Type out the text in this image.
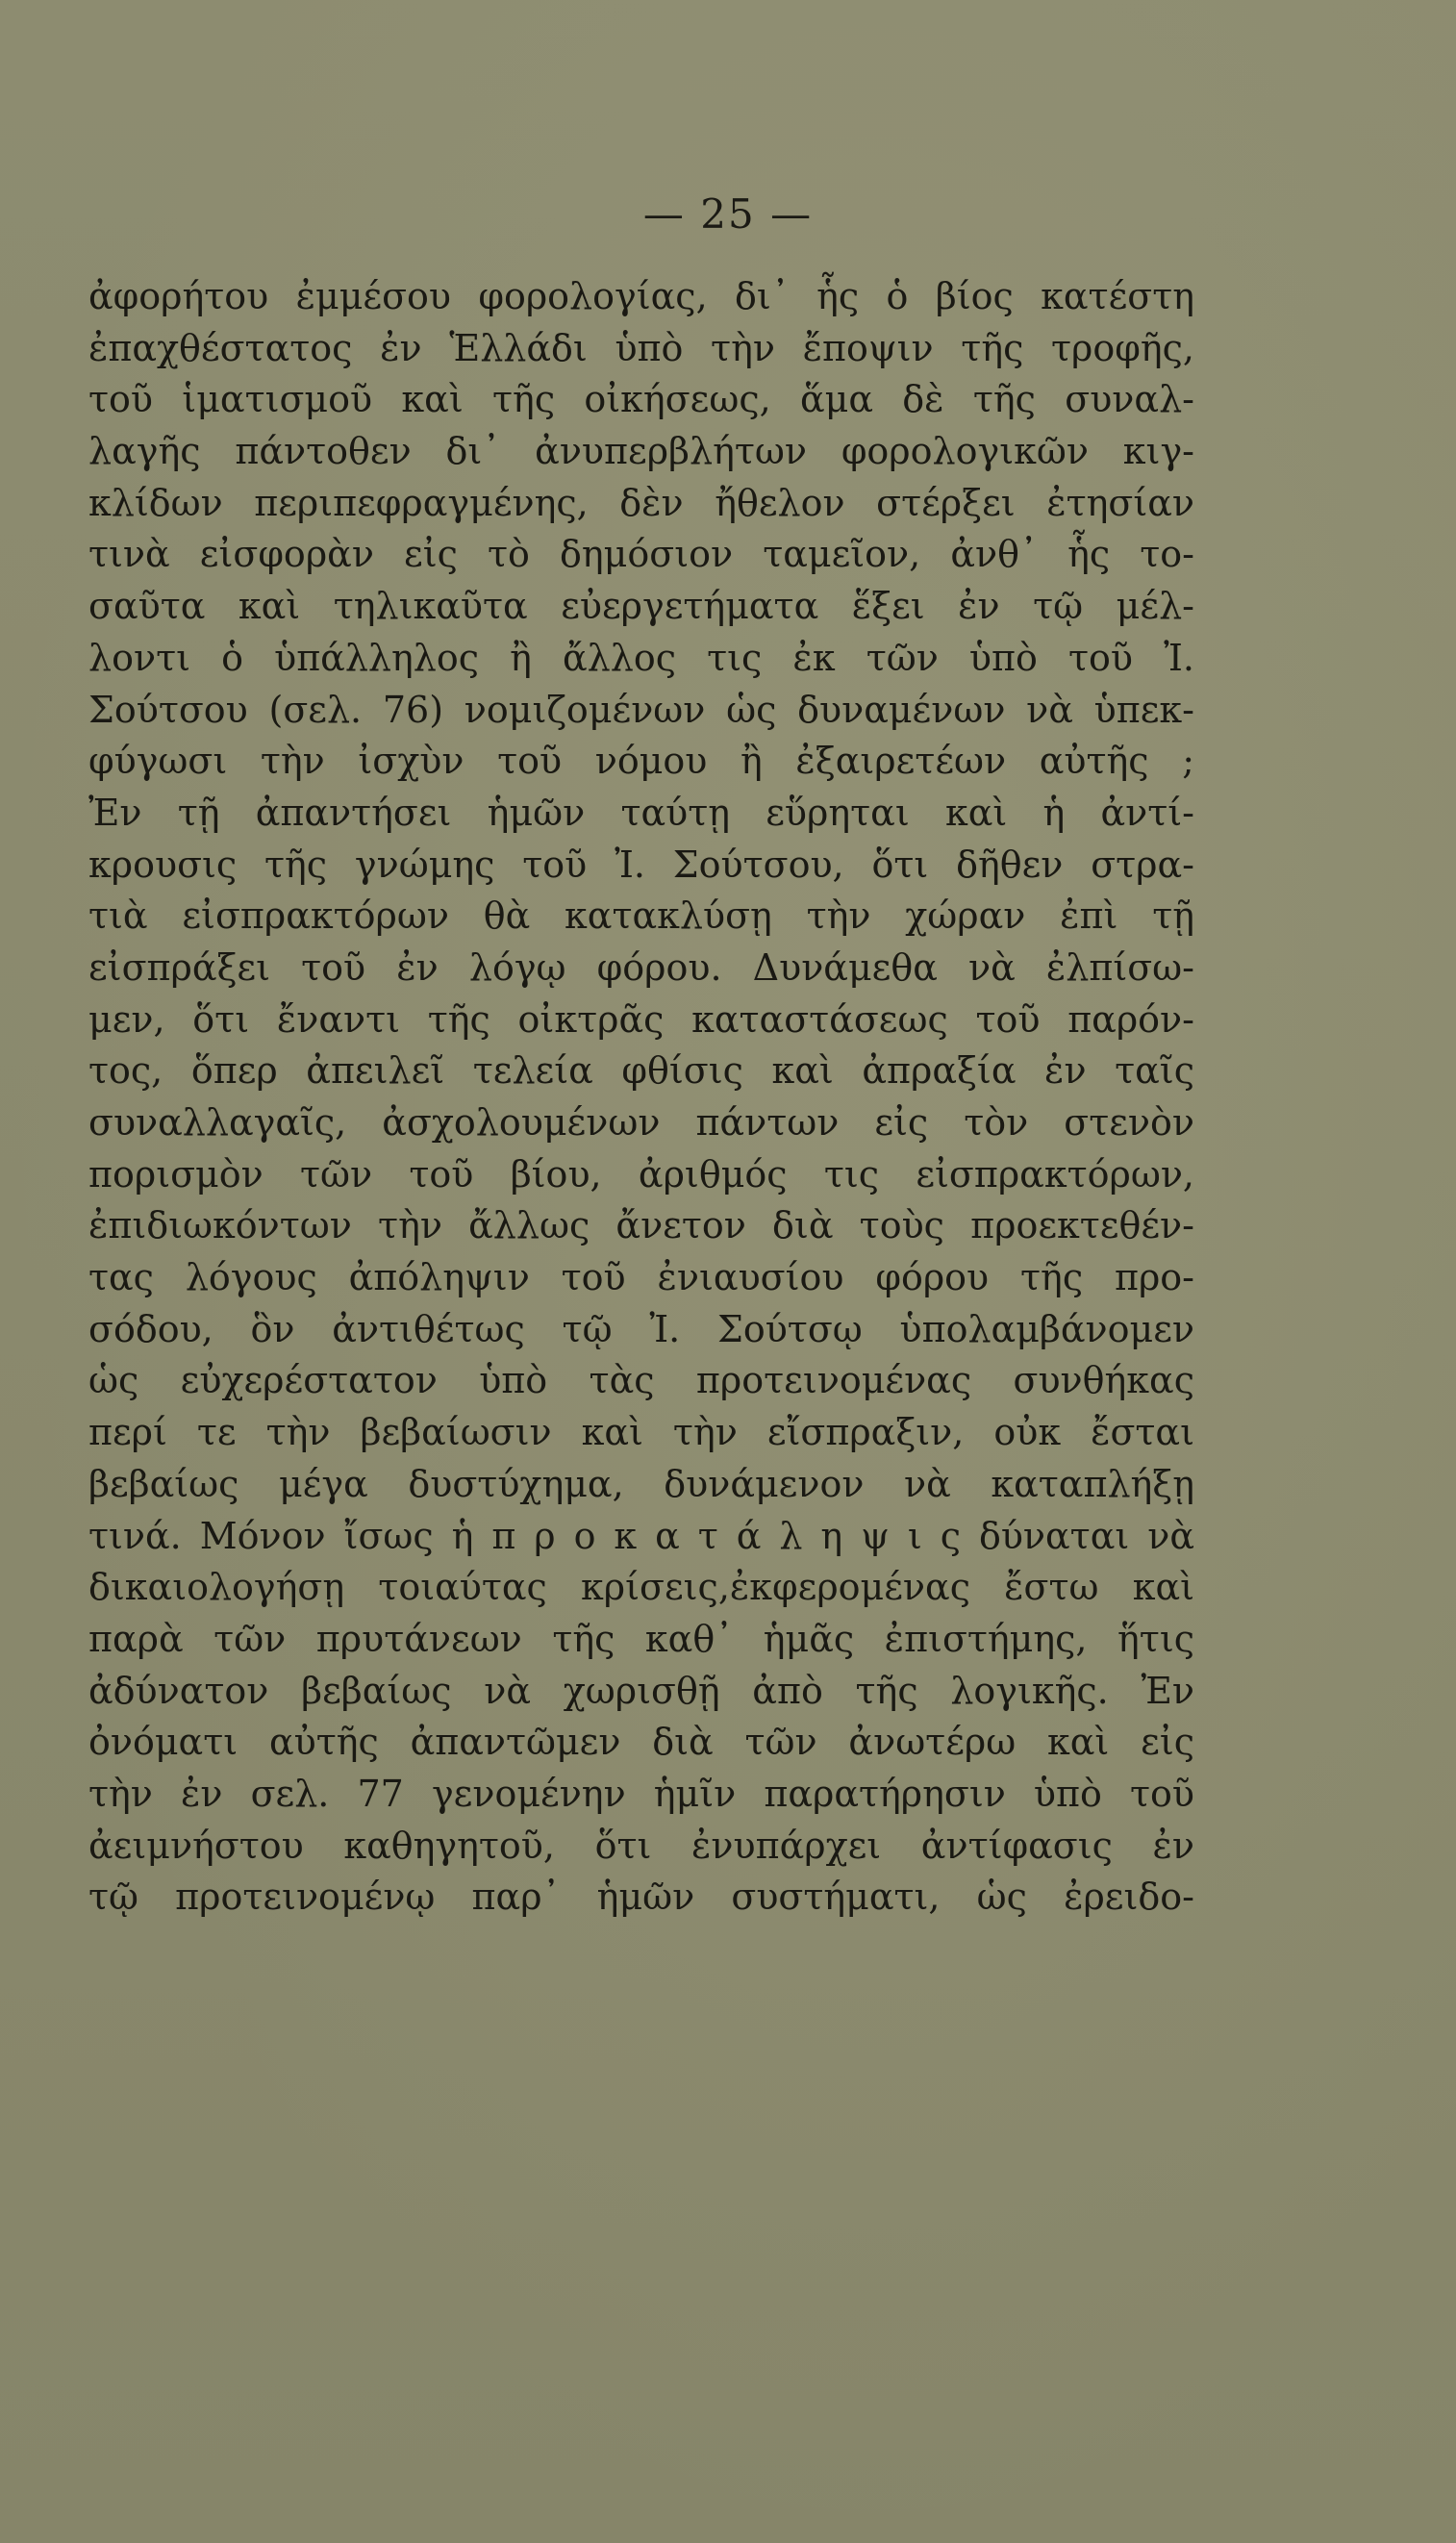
— 25 —
ἀφορήτου ἐμμέσου φορολογίας, δι᾽ ἧς ὁ βίος κατέστη
ἐπαχθέστατος ἐν Ἑλλάδι ὑπὸ τὴν ἔποψιν τῆς τροφῆς,
τοῦ ἱματισμοῦ καὶ τῆς οἰκήσεως, ἅμα δὲ τῆς συναλ-
λαγῆς πάντοθεν δι᾽ ἀνυπερβλήτων φορολογικῶν κιγ-
κλίδων περιπεφραγμένης, δὲν ἤθελον στέρξει ἐτησίαν
τινὰ εἰσφορὰν εἰς τὸ δημόσιον ταμεῖον, ἀνθ᾽ ἧς το-
σαῦτα καὶ τηλικαῦτα εὐεργετήματα ἕξει ἐν τῷ μέλ-
λοντι ὁ ὑπάλληλος ἢ ἄλλος τις ἐκ τῶν ὑπὸ τοῦ Ἰ.
Σούτσου (σελ. 76) νομιζομένων ὡς δυναμένων νὰ ὑπεκ-
φύγωσι τὴν ἰσχὺν τοῦ νόμου ἢ ἐξαιρετέων αὐτῆς ;
Ἐν τῇ ἀπαντήσει ἡμῶν ταύτῃ εὕρηται καὶ ἡ ἀντί-
κρουσις τῆς γνώμης τοῦ Ἰ. Σούτσου, ὅτι δῆθεν στρα-
τιὰ εἰσπρακτόρων θὰ κατακλύσῃ τὴν χώραν ἐπὶ τῇ
εἰσπράξει τοῦ ἐν λόγῳ φόρου. Δυνάμεθα νὰ ἐλπίσω-
μεν, ὅτι ἔναντι τῆς οἰκτρᾶς καταστάσεως τοῦ παρόν-
τος, ὅπερ ἀπειλεῖ τελεία φθίσις καὶ ἀπραξία ἐν ταῖς
συναλλαγαῖς, ἀσχολουμένων πάντων εἰς τὸν στενὸν
πορισμὸν τῶν τοῦ βίου, ἀριθμός τις εἰσπρακτόρων,
ἐπιδιωκόντων τὴν ἄλλως ἄνετον διὰ τοὺς προεκτεθέν-
τας λόγους ἀπόληψιν τοῦ ἐνιαυσίου φόρου τῆς προ-
σόδου, ὃν ἀντιθέτως τῷ Ἰ. Σούτσῳ ὑπολαμβάνομεν
ὡς εὐχερέστατον ὑπὸ τὰς προτεινομένας συνθήκας
περί τε τὴν βεβαίωσιν καὶ τὴν εἴσπραξιν, οὐκ ἔσται
βεβαίως μέγα δυστύχημα, δυνάμενον νὰ καταπλήξῃ
τινά. Μόνον ἴσως ἡ π ρ ο κ α τ ά λ η ψ ι ς δύναται νὰ
δικαιολογήσῃ τοιαύτας κρίσεις,ἐκφερομένας ἔστω καὶ
παρὰ τῶν πρυτάνεων τῆς καθ᾽ ἡμᾶς ἐπιστήμης, ἥτις
ἀδύνατον βεβαίως νὰ χωρισθῇ ἀπὸ τῆς λογικῆς. Ἐν
ὀνόματι αὐτῆς ἀπαντῶμεν διὰ τῶν ἀνωτέρω καὶ εἰς
τὴν ἐν σελ. 77 γενομένην ἡμῖν παρατήρησιν ὑπὸ τοῦ
ἀειμνήστου καθηγητοῦ, ὅτι ἐνυπάρχει ἀντίφασις ἐν
τῷ προτεινομένῳ παρ᾽ ἡμῶν συστήματι, ὡς ἐρειδο-
